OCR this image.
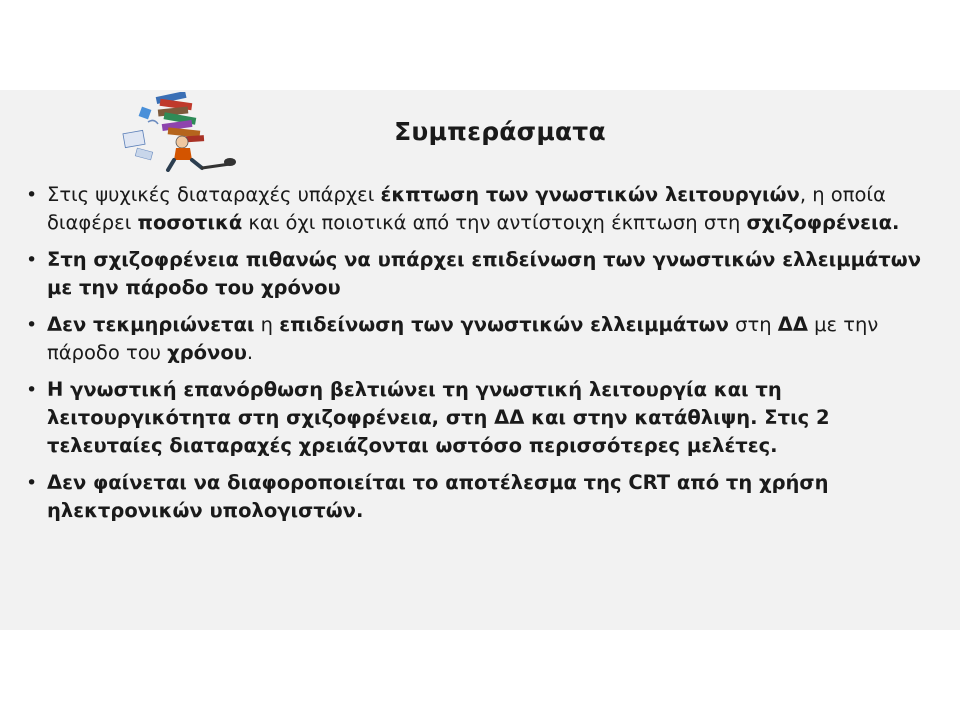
Συμπεράσματα
• Στις ψυχικές διαταραχές υπάρχει έκπτωση των γνωστικών λειτουργιών, η οποία διαφέρει ποσοτικά και όχι ποιοτικά από την αντίστοιχη έκπτωση στη σχιζοφρένεια.
• Στη σχιζοφρένεια πιθανώς να υπάρχει επιδείνωση των γνωστικών ελλειμμάτων με την πάροδο του χρόνου
• Δεν τεκμηριώνεται η επιδείνωση των γνωστικών ελλειμμάτων στη ΔΔ με την πάροδο του χρόνου.
• Η γνωστική επανόρθωση βελτιώνει τη γνωστική λειτουργία και τη λειτουργικότητα στη σχιζοφρένεια, στη ΔΔ και στην κατάθλιψη. Στις 2 τελευταίες διαταραχές χρειάζονται ωστόσο περισσότερες μελέτες.
• Δεν φαίνεται να διαφοροποιείται το αποτέλεσμα της CRT από τη χρήση ηλεκτρονικών υπολογιστών.
